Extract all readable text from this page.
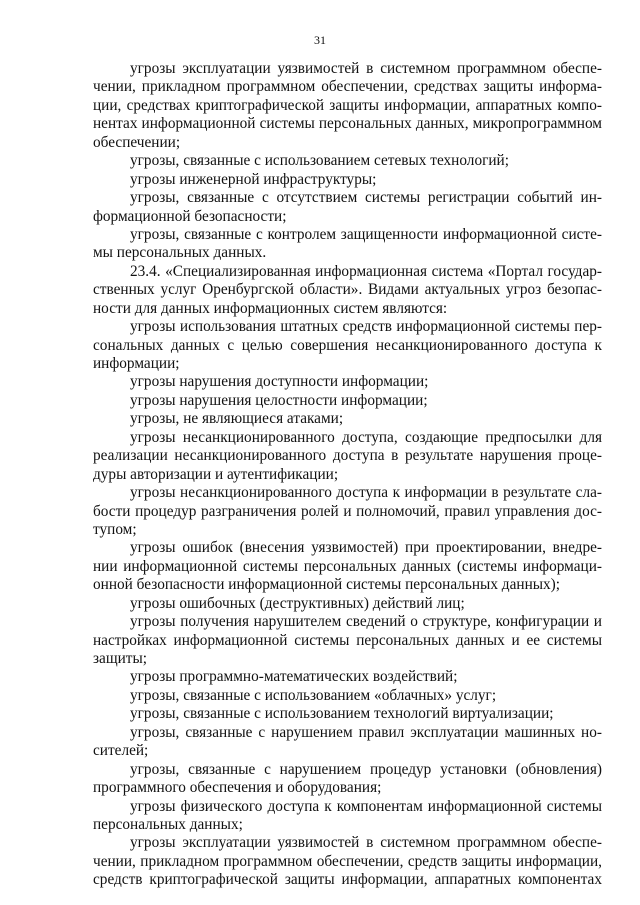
31
угрозы эксплуатации уязвимостей в системном программном обеспе-
чении, прикладном программном обеспечении, средствах защиты информа-
ции, средствах криптографической защиты информации, аппаратных компо-
нентах информационной системы персональных данных, микропрограммном
обеспечении;
угрозы, связанные с использованием сетевых технологий;
угрозы инженерной инфраструктуры;
угрозы, связанные с отсутствием системы регистрации событий ин-
формационной безопасности;
угрозы, связанные с контролем защищенности информационной систе-
мы персональных данных.
23.4. «Специализированная информационная система «Портал государ-
ственных услуг Оренбургской области». Видами актуальных угроз безопас-
ности для данных информационных систем являются:
угрозы использования штатных средств информационной системы пер-
сональных данных с целью совершения несанкционированного доступа к
информации;
угрозы нарушения доступности информации;
угрозы нарушения целостности информации;
угрозы, не являющиеся атаками;
угрозы несанкционированного доступа, создающие предпосылки для
реализации несанкционированного доступа в результате нарушения проце-
дуры авторизации и аутентификации;
угрозы несанкционированного доступа к информации в результате сла-
бости процедур разграничения ролей и полномочий, правил управления дос-
тупом;
угрозы ошибок (внесения уязвимостей) при проектировании, внедре-
нии информационной системы персональных данных (системы информаци-
онной безопасности информационной системы персональных данных);
угрозы ошибочных (деструктивных) действий лиц;
угрозы получения нарушителем сведений о структуре, конфигурации и
настройках информационной системы персональных данных и ее системы
защиты;
угрозы программно-математических воздействий;
угрозы, связанные с использованием «облачных» услуг;
угрозы, связанные с использованием технологий виртуализации;
угрозы, связанные с нарушением правил эксплуатации машинных но-
сителей;
угрозы, связанные с нарушением процедур установки (обновления)
программного обеспечения и оборудования;
угрозы физического доступа к компонентам информационной системы
персональных данных;
угрозы эксплуатации уязвимостей в системном программном обеспе-
чении, прикладном программном обеспечении, средств защиты информации,
средств криптографической защиты информации, аппаратных компонентах
